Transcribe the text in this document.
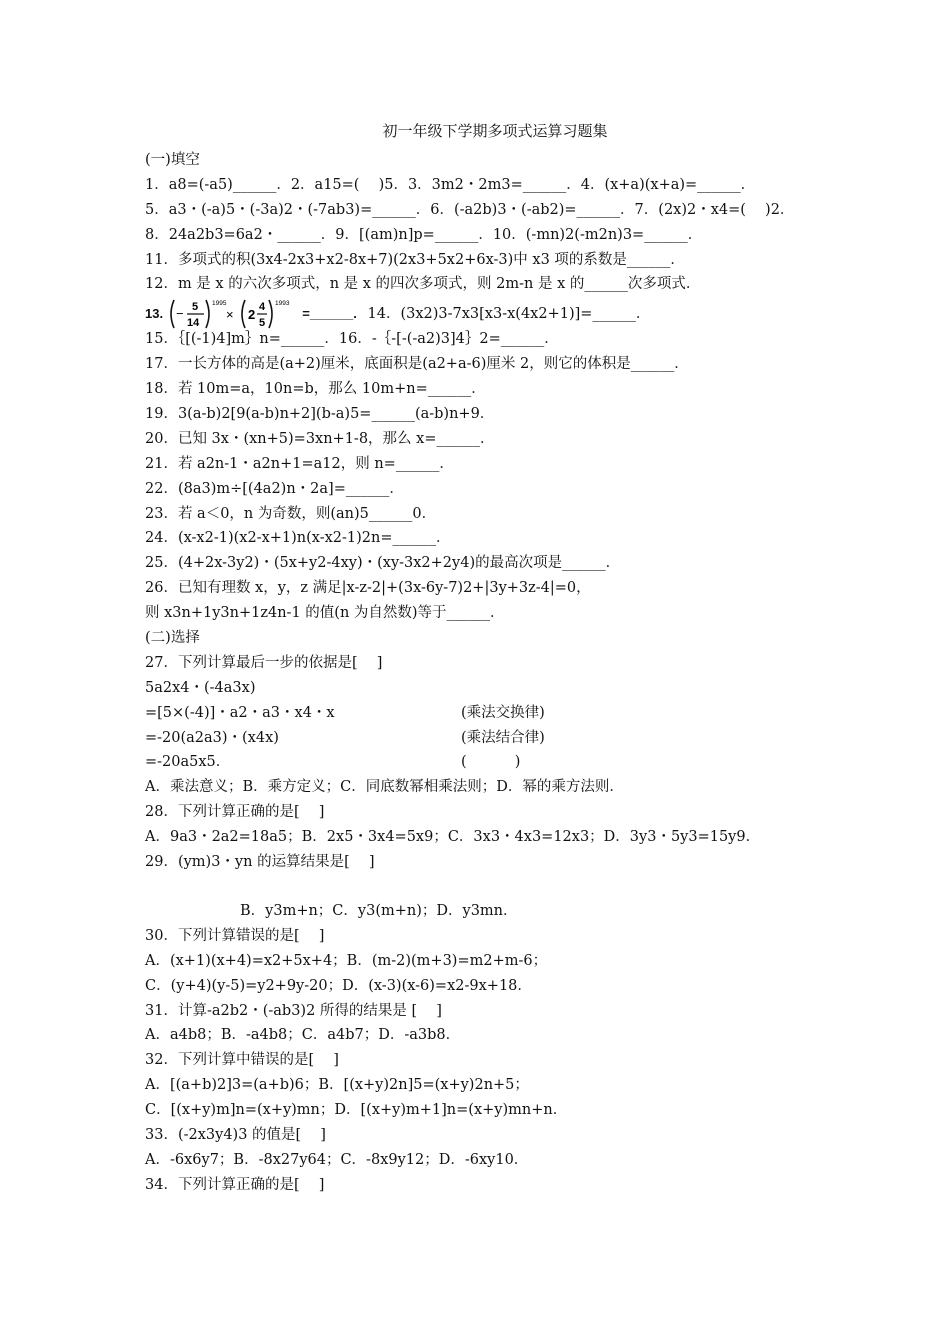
初一年级下学期多项式运算习题集
(一)填空
1．a8=(-a5)______．2．a15=(　 )5．3．3m2・2m3=______．4．(x+a)(x+a)=______．
5．a3・(-a)5・(-3a)2・(-7ab3)=______．6．(-a2b)3・(-ab2)=______．7．(2x)2・x4=(　 )2．
8．24a2b3=6a2・______．9．[(am)n]p=______．10．(-mn)2(-m2n)3=______．
11．多项式的积(3x4-2x3+x2-8x+7)(2x3+5x2+6x-3)中 x3 项的系数是______．
12．m 是 x 的六次多项式，n 是 x 的四次多项式，则 2m-n 是 x 的______次多项式．
13. − 5
14
1995
× 2 4
5
1993
=______. 14．(3x2)3-7x3[x3-x(4x2+1)]=______．
15．｛[(-1)4]m｝n=______．16．-｛-[-(-a2)3]4｝2=______．
17．一长方体的高是(a+2)厘米，底面积是(a2+a-6)厘米 2，则它的体积是______．
18．若 10m=a，10n=b，那么 10m+n=______．
19．3(a-b)2[9(a-b)n+2](b-a)5=______(a-b)n+9．
20．已知 3x・(xn+5)=3xn+1-8，那么 x=______．
21．若 a2n-1・a2n+1=a12，则 n=______．
22．(8a3)m÷[(4a2)n・2a]=______．
23．若 a＜0，n 为奇数，则(an)5______0．
24．(x-x2-1)(x2-x+1)n(x-x2-1)2n=______．
25．(4+2x-3y2)・(5x+y2-4xy)・(xy-3x2+2y4)的最高次项是______．
26．已知有理数 x，y，z 满足|x-z-2|+(3x-6y-7)2+|3y+3z-4|=0，
则 x3n+1y3n+1z4n-1 的值(n 为自然数)等于______．
(二)选择
27．下列计算最后一步的依据是[　 ]
5a2x4・(-4a3x)
=[5×(-4)]・a2・a3・x4・x	(乘法交换律)
=-20(a2a3)・(x4x)	(乘法结合律)
=-20a5x5．	(　　　 )
A．乘法意义；B．乘方定义；C．同底数幂相乘法则；D．幂的乘方法则．
28．下列计算正确的是[　 ]
A．9a3・2a2=18a5；B．2x5・3x4=5x9；C．3x3・4x3=12x3；D．3y3・5y3=15y9．
29．(ym)3・yn 的运算结果是[　 ]
B．y3m+n；C．y3(m+n)；D．y3mn．
30．下列计算错误的是[　 ]
A．(x+1)(x+4)=x2+5x+4；B．(m-2)(m+3)=m2+m-6；
C．(y+4)(y-5)=y2+9y-20；D．(x-3)(x-6)=x2-9x+18．
31．计算-a2b2・(-ab3)2 所得的结果是 [　 ]
A．a4b8；B．-a4b8；C．a4b7；D．-a3b8．
32．下列计算中错误的是[　 ]
A．[(a+b)2]3=(a+b)6；B．[(x+y)2n]5=(x+y)2n+5；
C．[(x+y)m]n=(x+y)mn；D．[(x+y)m+1]n=(x+y)mn+n．
33．(-2x3y4)3 的值是[　 ]
A．-6x6y7；B．-8x27y64；C．-8x9y12；D．-6xy10．
34．下列计算正确的是[　 ]
